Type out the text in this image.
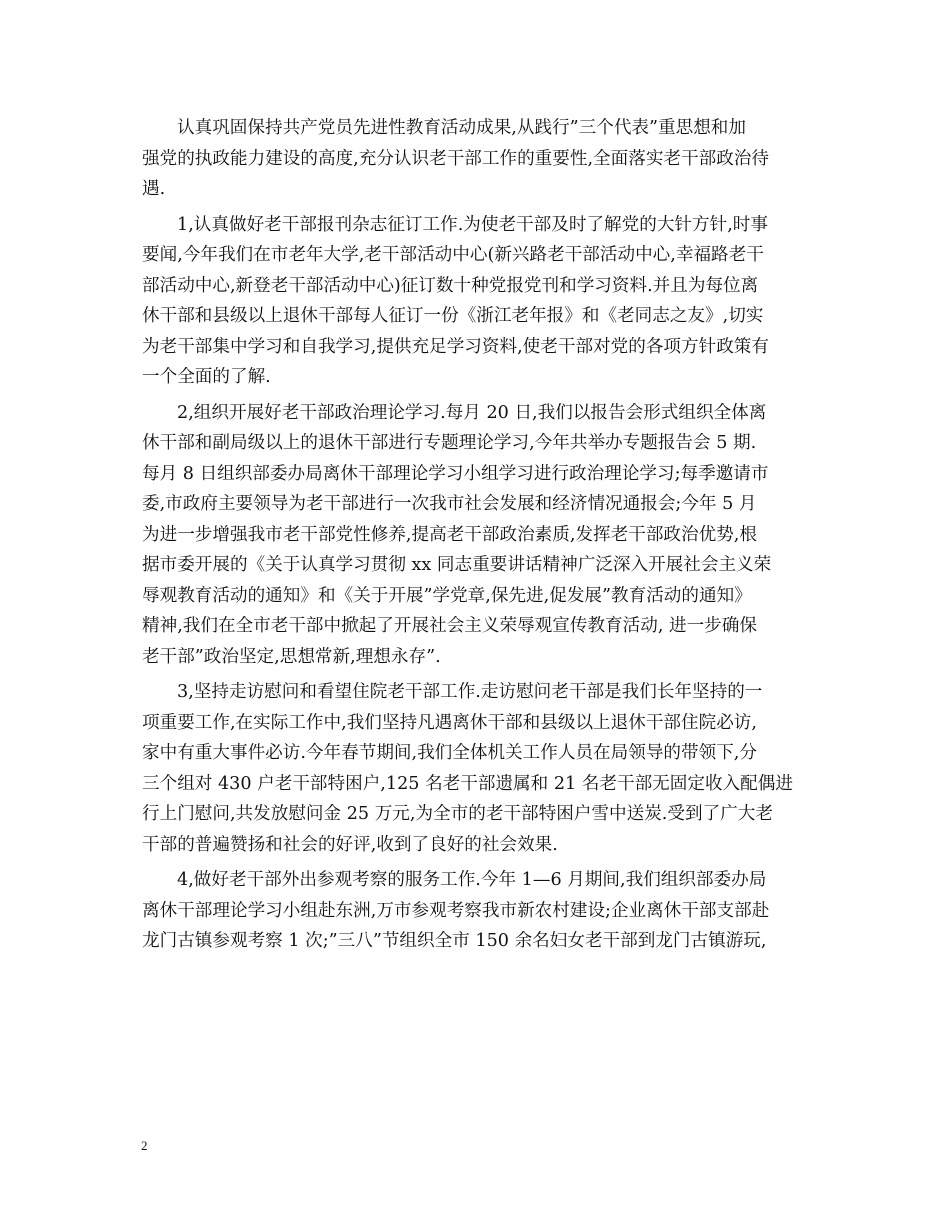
认真巩固保持共产党员先进性教育活动成果,从践行”三个代表”重思想和加
强党的执政能力建设的高度,充分认识老干部工作的重要性,全面落实老干部政治待
遇.
1,认真做好老干部报刊杂志征订工作.为使老干部及时了解党的大针方针,时事
要闻,今年我们在市老年大学,老干部活动中心(新兴路老干部活动中心,幸福路老干
部活动中心,新登老干部活动中心)征订数十种党报党刊和学习资料.并且为每位离
休干部和县级以上退休干部每人征订一份《浙江老年报》和《老同志之友》,切实
为老干部集中学习和自我学习,提供充足学习资料,使老干部对党的各项方针政策有
一个全面的了解.
2,组织开展好老干部政治理论学习.每月 20 日,我们以报告会形式组织全体离
休干部和副局级以上的退休干部进行专题理论学习,今年共举办专题报告会 5 期.
每月 8 日组织部委办局离休干部理论学习小组学习进行政治理论学习;每季邀请市
委,市政府主要领导为老干部进行一次我市社会发展和经济情况通报会;今年 5 月
为进一步增强我市老干部党性修养,提高老干部政治素质,发挥老干部政治优势,根
据市委开展的《关于认真学习贯彻 xx 同志重要讲话精神广泛深入开展社会主义荣
辱观教育活动的通知》和《关于开展”学党章,保先进,促发展”教育活动的通知》
精神,我们在全市老干部中掀起了开展社会主义荣辱观宣传教育活动, 进一步确保
老干部”政治坚定,思想常新,理想永存”.
3,坚持走访慰问和看望住院老干部工作.走访慰问老干部是我们长年坚持的一
项重要工作,在实际工作中,我们坚持凡遇离休干部和县级以上退休干部住院必访,
家中有重大事件必访.今年春节期间,我们全体机关工作人员在局领导的带领下,分
三个组对 430 户老干部特困户,125 名老干部遗属和 21 名老干部无固定收入配偶进
行上门慰问,共发放慰问金 25 万元,为全市的老干部特困户雪中送炭.受到了广大老
干部的普遍赞扬和社会的好评,收到了良好的社会效果.
4,做好老干部外出参观考察的服务工作.今年 1—6 月期间,我们组织部委办局
离休干部理论学习小组赴东洲,万市参观考察我市新农村建设;企业离休干部支部赴
龙门古镇参观考察 1 次;”三八”节组织全市 150 余名妇女老干部到龙门古镇游玩,
2
